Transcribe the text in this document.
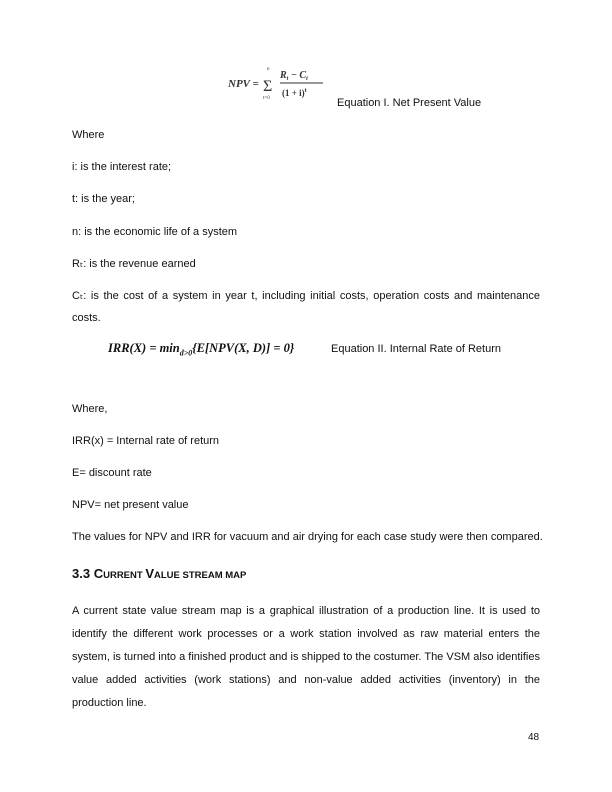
NPV =
n
Σ
t=0
$R_t - C_t$
$(1 + i)^t$
Equation I. Net Present Value
Where
i: is the interest rate;
t: is the year;
n: is the economic life of a system
Rₜ: is the revenue earned
Cₜ: is the cost of a system in year t, including initial costs, operation costs and maintenance costs.
$IRR(X) = \min_{d>0}\{E[NPV(X$, D)] = 0}	Equation II. Internal Rate of Return
Where,
IRR(x) = Internal rate of return
E= discount rate
NPV= net present value
The values for NPV and IRR for vacuum and air drying for each case study were then compared.
3.3 CURRENT VALUE STREAM MAP
A current state value stream map is a graphical illustration of a production line. It is used to identify the different work processes or a work station involved as raw material enters the system, is turned into a finished product and is shipped to the costumer. The VSM also identifies value added activities (work stations) and non-value added activities (inventory) in the production line.
48
